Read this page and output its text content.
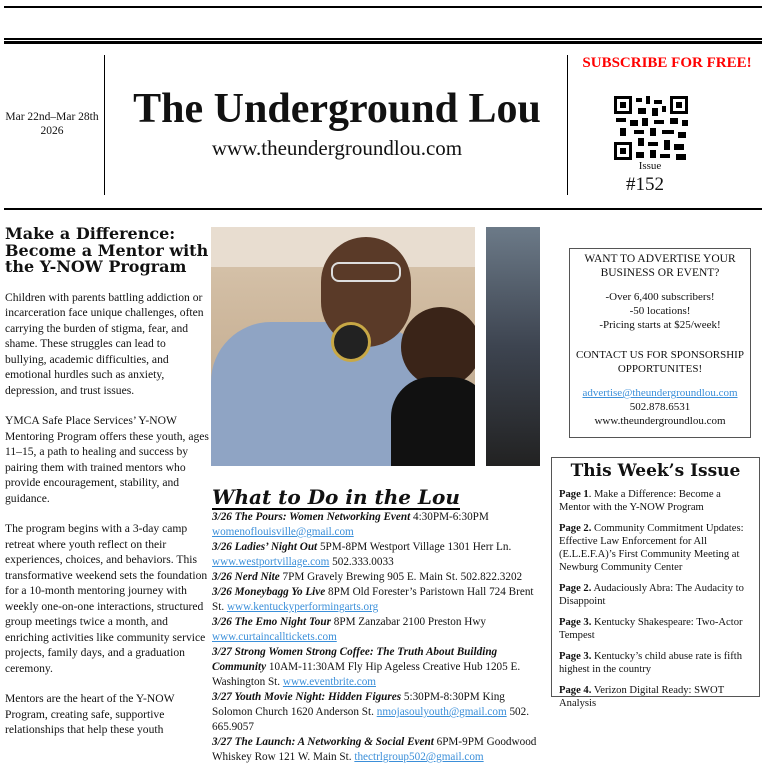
Mar 22nd–Mar 28th
2026	The Underground Lou
www.theundergroundlou.com
SUBSCRIBE FOR FREE!
Issue
#152
Make a Difference: Become a Mentor with the Y-NOW Program

Children with parents battling addiction or incarceration face unique challenges, often carrying the burden of stigma, fear, and shame. These struggles can lead to bullying, academic difficulties, and emotional hurdles such as anxiety, depression, and trust issues.

YMCA Safe Place Services’ Y-NOW Mentoring Program offers these youth, ages 11–15, a path to healing and success by pairing them with trained mentors who provide encouragement, stability, and guidance.

The program begins with a 3-day camp retreat where youth reflect on their experiences, choices, and behaviors. This transformative weekend sets the foundation for a 10-month mentoring journey with weekly one-on-one interactions, structured group meetings twice a month, and enriching activities like community service projects, family days, and a graduation ceremony.

Mentors are the heart of the Y-NOW Program, creating safe, supportive relationships that help these youth

What to Do in the Lou

3/26 The Pours: Women Networking Event 4:30PM-6:30PM womenoflouisville@gmail.com

3/26 Ladies’ Night Out 5PM-8PM Westport Village 1301 Herr Ln. www.westportvillage.com 502.333.0033

3/26 Nerd Nite 7PM Gravely Brewing 905 E. Main St. 502.822.3202

3/26 Moneybagg Yo Live 8PM Old Forester’s Paristown Hall 724 Brent St. www.kentuckyperformingarts.org

3/26 The Emo Night Tour 8PM Zanzabar 2100 Preston Hwy www.curtaincalltickets.com

3/27 Strong Women Strong Coffee: The Truth About Building Community 10AM-11:30AM Fly Hip Ageless Creative Hub 1205 E. Washington St. www.eventbrite.com

3/27 Youth Movie Night: Hidden Figures 5:30PM-8:30PM King Solomon Church 1620 Anderson St. nmojasoulyouth@gmail.com 502. 665.9057

3/27 The Launch: A Networking & Social Event 6PM-9PM Goodwood Whiskey Row 121 W. Main St. thectrlgroup502@gmail.com

WANT TO ADVERTISE YOUR BUSINESS OR EVENT?
-Over 6,400 subscribers!
-50 locations!
-Pricing starts at $25/week!
CONTACT US FOR SPONSORSHIP OPPORTUNITES!
advertise@theundergroundlou.com
502.878.6531
www.theundergroundlou.com
This Week’s Issue

Page 1. Make a Difference: Become a Mentor with the Y-NOW Program

Page 2. Community Commitment Updates: Effective Law Enforcement for All (E.L.E.F.A)’s First Community Meeting at Newburg Community Center

Page 2. Audaciously Abra: The Audacity to Disappoint

Page 3. Kentucky Shakespeare: Two-Actor Tempest

Page 3. Kentucky’s child abuse rate is fifth highest in the country

Page 4. Verizon Digital Ready: SWOT Analysis
